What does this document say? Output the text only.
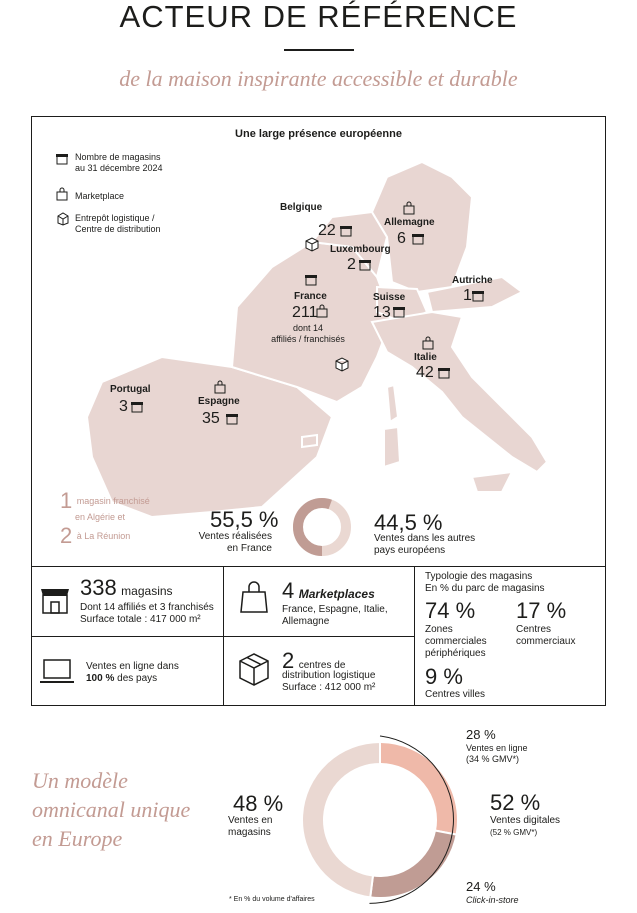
ACTEUR DE RÉFÉRENCE
de la maison inspirante accessible et durable
Une large présence européenne
Nombre de magasins
au 31 décembre 2024
Marketplace
Entrepôt logistique /
Centre de distribution
Belgique
22	Allemagne
6
Luxembourg
2
Autriche
1
France
211
dont 14
affiliés / franchisés
Suisse
13
Italie
42
Portugal
3	Espagne
35
1 $^{magasin franchisé}$
en Algérie et
2 $^{à La Réunion}$
55,5 %
Ventes réalisées
en France
44,5 %
Ventes dans les autres
pays européens
338 magasins
Dont 14 affiliés et 3 franchisés
Surface totale : 417 000 m²
4 Marketplaces
France, Espagne, Italie,
Allemagne
Ventes en ligne dans
100 % des pays
2 centres de
distribution logistique
Surface : 412 000 m²
Typologie des magasins
En % du parc de magasins
74 %
Zones
commerciales
périphériques
17 %
Centres
commerciaux
9 %
Centres villes
Un modèle
omnicanal unique
en Europe
48 %
Ventes en
magasins
28 %
Ventes en ligne
(34 % GMV*)
52 %
Ventes digitales
(52 % GMV*)
24 %
Click-in-store
* En % du volume d'affaires
